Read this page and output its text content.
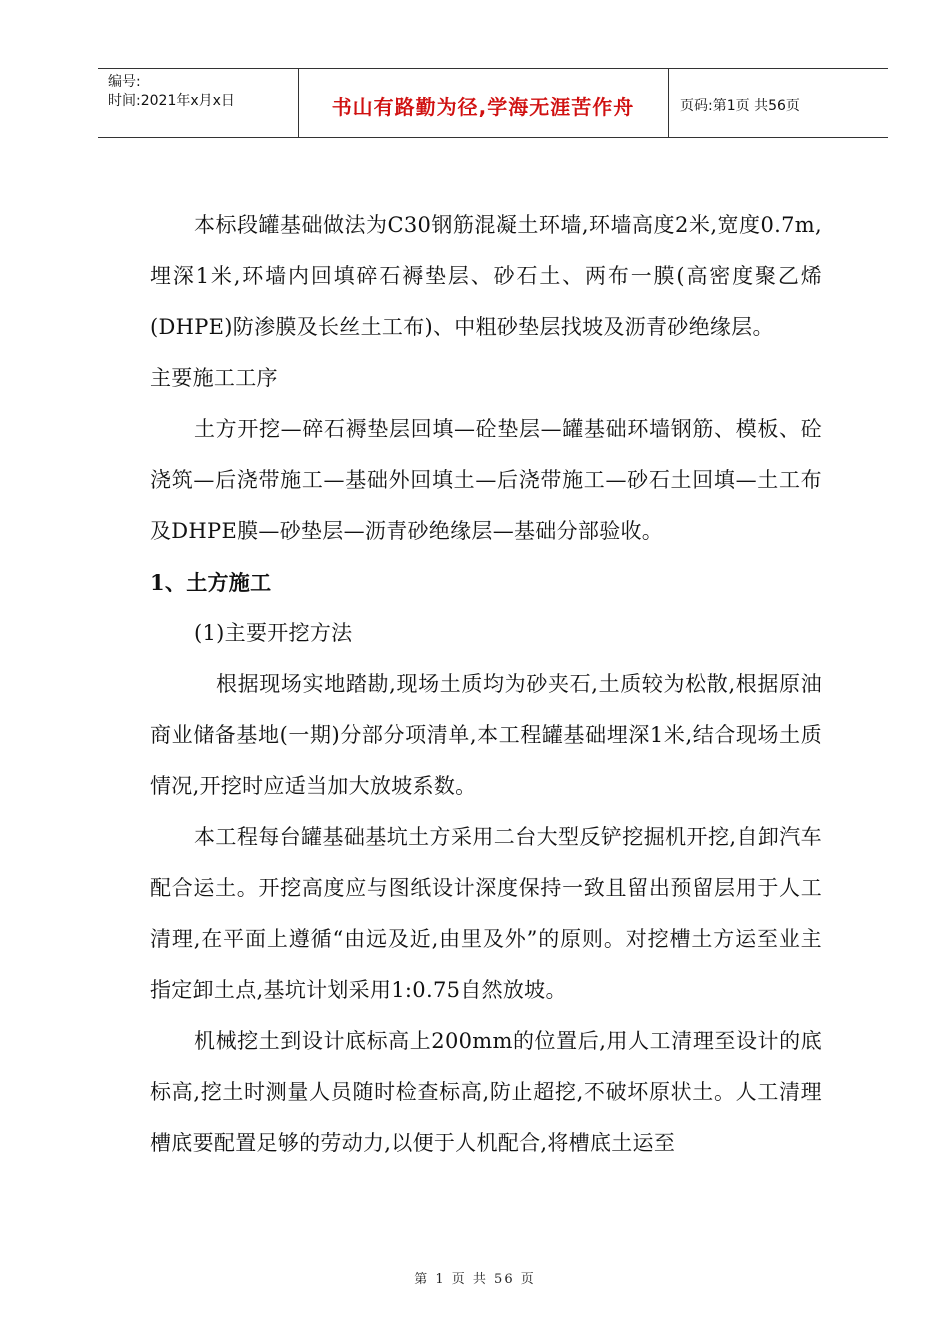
编号:
时间:2021年x月x日	书山有路勤为径,学海无涯苦作舟	页码:第1页 共56页

本标段罐基础做法为C30钢筋混凝土环墙,环墙高度2米,宽度0.7m,埋深1米,环墙内回填碎石褥垫层、砂石土、两布一膜(高密度聚乙烯(DHPE)防渗膜及长丝土工布)、中粗砂垫层找坡及沥青砂绝缘层。

主要施工工序

土方开挖—碎石褥垫层回填—砼垫层—罐基础环墙钢筋、模板、砼浇筑—后浇带施工—基础外回填土—后浇带施工—砂石土回填—土工布及DHPE膜—砂垫层—沥青砂绝缘层—基础分部验收。

1、土方施工

(1)主要开挖方法

根据现场实地踏勘,现场土质均为砂夹石,土质较为松散,根据原油商业储备基地(一期)分部分项清单,本工程罐基础埋深1米,结合现场土质情况,开挖时应适当加大放坡系数。

本工程每台罐基础基坑土方采用二台大型反铲挖掘机开挖,自卸汽车配合运土。开挖高度应与图纸设计深度保持一致且留出预留层用于人工清理,在平面上遵循“由远及近,由里及外”的原则。对挖槽土方运至业主指定卸土点,基坑计划采用1:0.75自然放坡。

机械挖土到设计底标高上200mm的位置后,用人工清理至设计的底标高,挖土时测量人员随时检查标高,防止超挖,不破坏原状土。人工清理槽底要配置足够的劳动力,以便于人机配合,将槽底土运至

第 1 页 共 56 页
